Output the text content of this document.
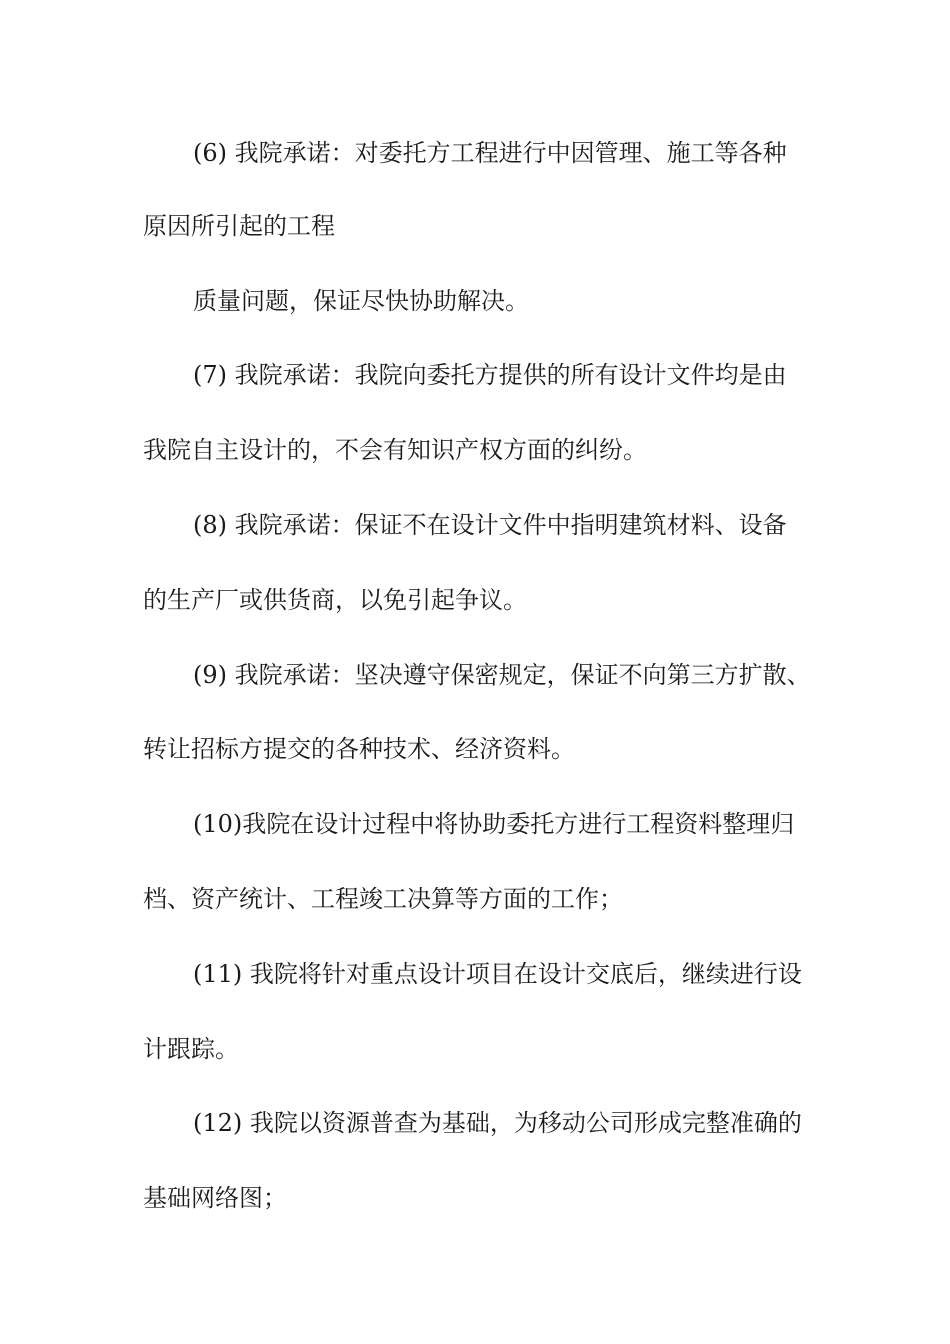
(6) 我院承诺：对委托方工程进行中因管理、施工等各种

原因所引起的工程

质量问题，保证尽快协助解决。

(7) 我院承诺：我院向委托方提供的所有设计文件均是由

我院自主设计的，不会有知识产权方面的纠纷。

(8) 我院承诺：保证不在设计文件中指明建筑材料、设备

的生产厂或供货商，以免引起争议。

(9) 我院承诺：坚决遵守保密规定，保证不向第三方扩散、

转让招标方提交的各种技术、经济资料。

(10)我院在设计过程中将协助委托方进行工程资料整理归

档、资产统计、工程竣工决算等方面的工作；

(11) 我院将针对重点设计项目在设计交底后，继续进行设

计跟踪。

(12) 我院以资源普查为基础，为移动公司形成完整准确的

基础网络图；
